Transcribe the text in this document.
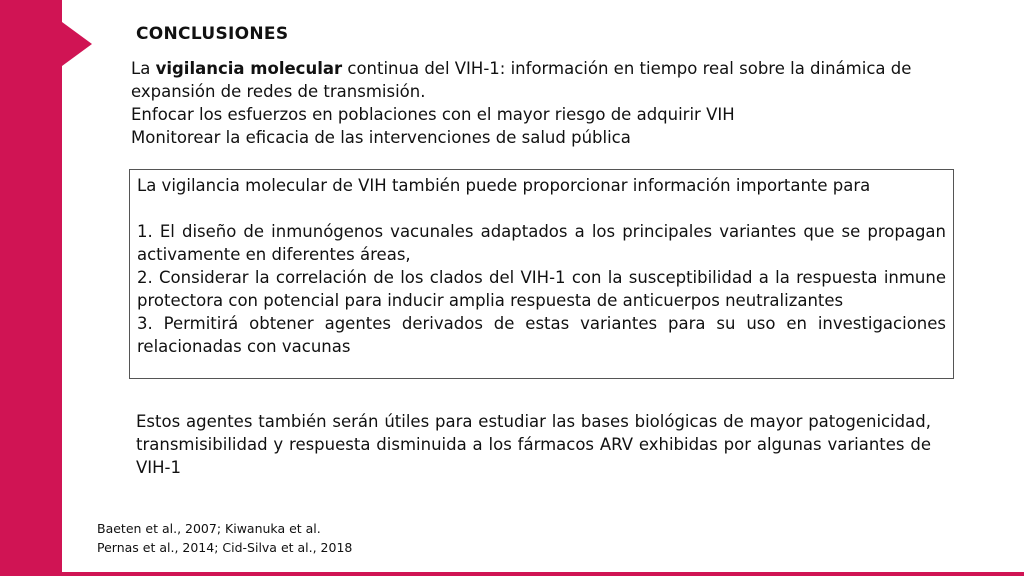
CONCLUSIONES

La vigilancia molecular continua del VIH-1: información en tiempo real sobre la dinámica de expansión de redes de transmisión.

Enfocar los esfuerzos en poblaciones con el mayor riesgo de adquirir VIH

Monitorear la eficacia de las intervenciones de salud pública

La vigilancia molecular de VIH también puede proporcionar información importante para

1. El diseño de inmunógenos vacunales adaptados a los principales variantes que se propagan activamente en diferentes áreas,

2. Considerar la correlación de los clados del VIH-1 con la susceptibilidad a la respuesta inmune protectora con potencial para inducir amplia respuesta de anticuerpos neutralizantes

3. Permitirá obtener agentes derivados de estas variantes para su uso en investigaciones relacionadas con vacunas

Estos agentes también serán útiles para estudiar las bases biológicas de mayor patogenicidad, transmisibilidad y respuesta disminuida a los fármacos ARV exhibidas por algunas variantes de VIH-1

Baeten et al., 2007; Kiwanuka et al.

Pernas et al., 2014; Cid-Silva et al., 2018
